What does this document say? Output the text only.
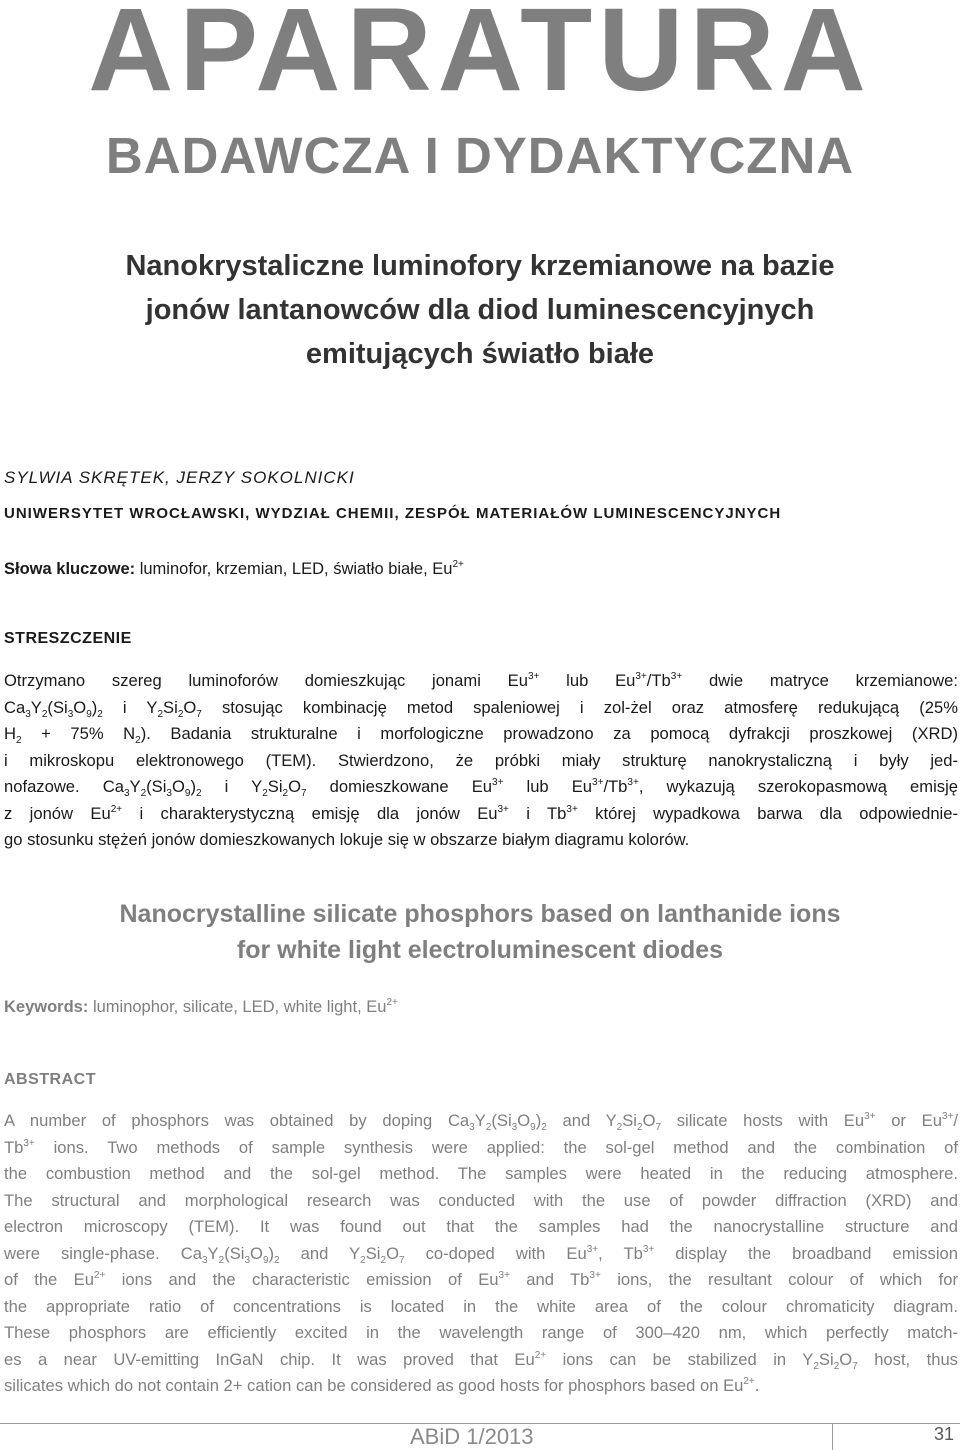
APARATURA
BADAWCZA I DYDAKTYCZNA
Nanokrystaliczne luminofory krzemianowe na bazie
jonów lantanowców dla diod luminescencyjnych
emitujących światło białe
SYLWIA SKRĘTEK, JERZY SOKOLNICKI
UNIWERSYTET WROCŁAWSKI, WYDZIAŁ CHEMII, ZESPÓŁ MATERIAŁÓW LUMINESCENCYJNYCH
Słowa kluczowe: luminofor, krzemian, LED, światło białe, $Eu^{2+}$
STRESZCZENIE
Otrzymano szereg luminoforów domieszkując jonami $Eu^{3+}$ lub $Eu^{3+}/Tb^{3+}$ dwie matryce krzemianowe:
$Ca_3Y_2(Si_3O_9)_2$ i $Y_2Si_2O_7$ stosując kombinację metod spaleniowej i zol-żel oraz atmosferę redukującą (25%
$H_2 + 75\%$ $N_2$). Badania strukturalne i morfologiczne prowadzono za pomocą dyfrakcji proszkowej (XRD)
i mikroskopu elektronowego (TEM). Stwierdzono, że próbki miały strukturę nanokrystaliczną i były jed-
nofazowe. $Ca_3Y_2(Si_3O_9)_2$ i $Y_2Si_2O_7$ domieszkowane $Eu^{3+}$ lub $Eu^{3+}/Tb^{3+}$, wykazują szerokopasmową emisję
z jonów $Eu^{2+}$ i charakterystyczną emisję dla jonów $Eu^{3+}$ i $Tb^{3+}$ której wypadkowa barwa dla odpowiednie-
go stosunku stężeń jonów domieszkowanych lokuje się w obszarze białym diagramu kolorów.
Nanocrystalline silicate phosphors based on lanthanide ions
for white light electroluminescent diodes
Keywords: luminophor, silicate, LED, white light, $Eu^{2+}$
ABSTRACT
A number of phosphors was obtained by doping $Ca_3Y_2(Si_3O_9)_2$ and $Y_2Si_2O_7$ silicate hosts with $Eu^{3+}$ or $Eu^{3+}/$
$Tb^{3+}$ ions. Two methods of sample synthesis were applied: the sol-gel method and the combination of
the combustion method and the sol-gel method. The samples were heated in the reducing atmosphere.
The structural and morphological research was conducted with the use of powder diffraction (XRD) and
electron microscopy (TEM). It was found out that the samples had the nanocrystalline structure and
were single-phase. $Ca_3Y_2(Si_3O_9)_2$ and $Y_2Si_2O_7$ co-doped with $Eu^{3+}$, $Tb^{3+}$ display the broadband emission
of the $Eu^{2+}$ ions and the characteristic emission of $Eu^{3+}$ and $Tb^{3+}$ ions, the resultant colour of which for
the appropriate ratio of concentrations is located in the white area of the colour chromaticity diagram.
These phosphors are efficiently excited in the wavelength range of 300–420 nm, which perfectly match-
es a near UV-emitting InGaN chip. It was proved that $Eu^{2+}$ ions can be stabilized in $Y_2Si_2O_7$ host, thus
silicates which do not contain 2+ cation can be considered as good hosts for phosphors based on $Eu^{2+}$.
ABiD 1/2013	31
